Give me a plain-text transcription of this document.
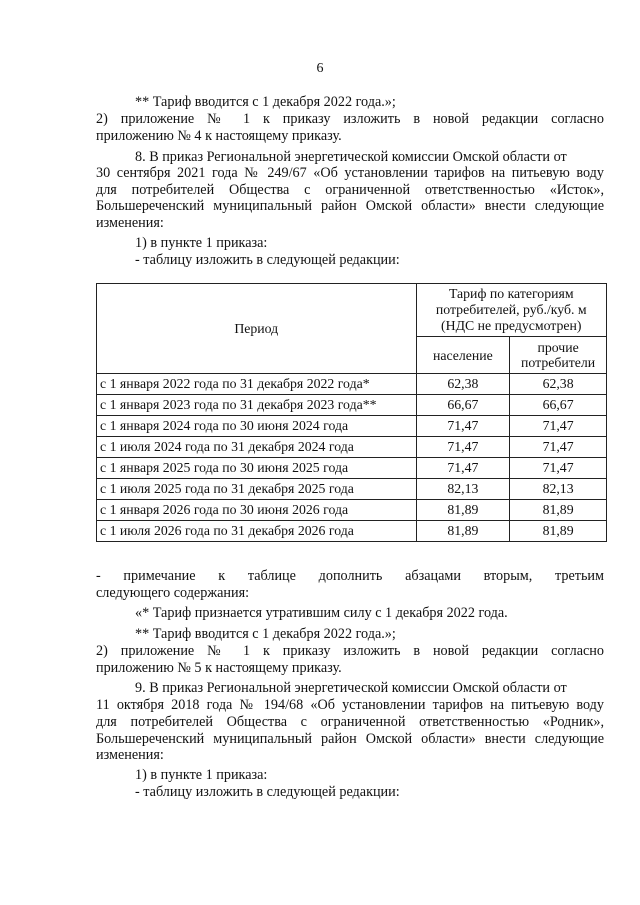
6
** Тариф вводится с 1 декабря 2022 года.»;
2) приложение № 1 к приказу изложить в новой редакции согласно
приложению № 4 к настоящему приказу.
8. В приказ Региональной энергетической комиссии Омской области от
30 сентября 2021 года № 249/67 «Об установлении тарифов на питьевую воду
для потребителей Общества с ограниченной ответственностью «Исток»,
Большереченский муниципальный район Омской области» внести следующие
изменения:
1) в пункте 1 приказа:
- таблицу изложить в следующей редакции:
Период	Тариф по категориям потребителей, руб./куб. м (НДС не предусмотрен)	
	население	прочие потребители
с 1 января 2022 года по 31 декабря 2022 года*	62,38	62,38
с 1 января 2023 года по 31 декабря 2023 года**	66,67	66,67
с 1 января 2024 года по 30 июня 2024 года	71,47	71,47
с 1 июля 2024 года по 31 декабря 2024 года	71,47	71,47
с 1 января 2025 года по 30 июня 2025 года	71,47	71,47
с 1 июля 2025 года по 31 декабря 2025 года	82,13	82,13
с 1 января 2026 года по 30 июня 2026 года	81,89	81,89
с 1 июля 2026 года по 31 декабря 2026 года	81,89	81,89
- примечание к таблице дополнить абзацами вторым, третьим
следующего содержания:
«* Тариф признается утратившим силу с 1 декабря 2022 года.
** Тариф вводится с 1 декабря 2022 года.»;
2) приложение № 1 к приказу изложить в новой редакции согласно
приложению № 5 к настоящему приказу.
9. В приказ Региональной энергетической комиссии Омской области от
11 октября 2018 года № 194/68 «Об установлении тарифов на питьевую воду
для потребителей Общества с ограниченной ответственностью «Родник»,
Большереченский муниципальный район Омской области» внести следующие
изменения:
1) в пункте 1 приказа:
- таблицу изложить в следующей редакции:
